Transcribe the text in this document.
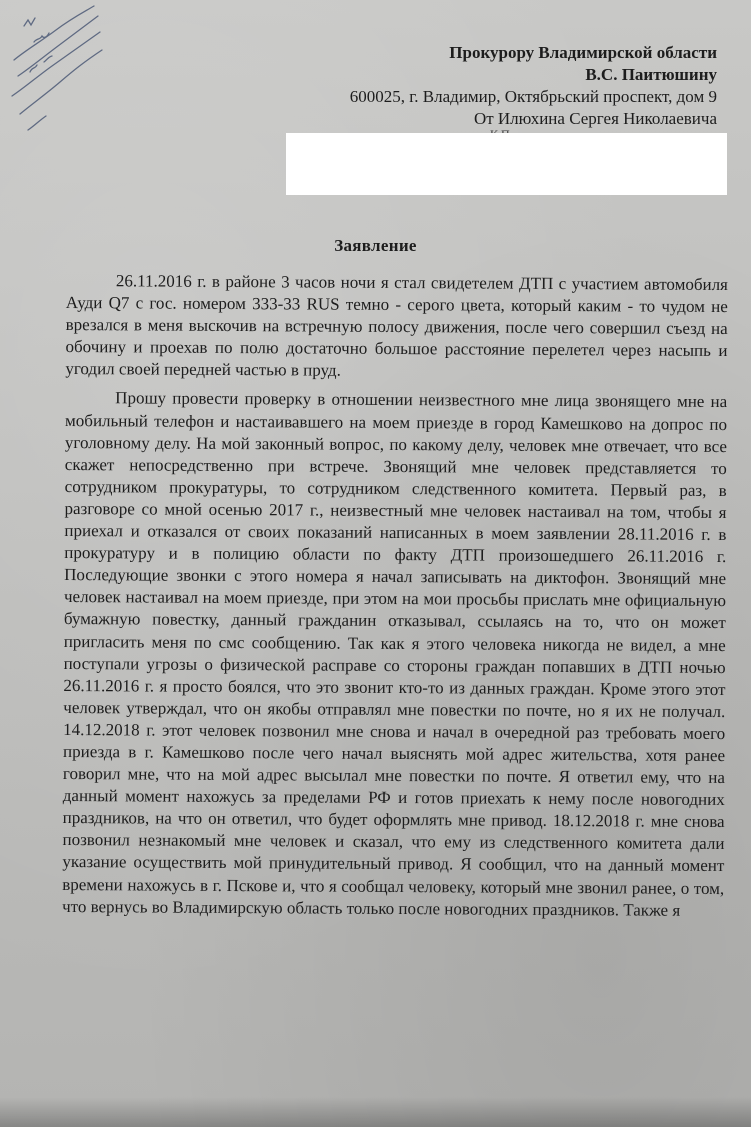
Прокурору Владимирской области
В.С. Паитюшину
600025, г. Владимир, Октябрьский проспект, дом 9
От Илюхина Сергея Николаевича
Заявление

26.11.2016 г. в районе 3 часов ночи я стал свидетелем ДТП с участием автомобиля Ауди Q7 с гос. номером 333-33 RUS темно - серого цвета, который каким - то чудом не врезался в меня выскочив на встречную полосу движения, после чего совершил съезд на обочину и проехав по полю достаточно большое расстояние перелетел через насыпь и угодил своей передней частью в пруд.

Прошу провести проверку в отношении неизвестного мне лица звонящего мне на мобильный телефон и настаивавшего на моем приезде в город Камешково на допрос по уголовному делу. На мой законный вопрос, по какому делу, человек мне отвечает, что все скажет непосредственно при встрече. Звонящий мне человек представляется то сотрудником прокуратуры, то сотрудником следственного комитета. Первый раз, в разговоре со мной осенью 2017 г., неизвестный мне человек настаивал на том, чтобы я приехал и отказался от своих показаний написанных в моем заявлении 28.11.2016 г. в прокуратуру и в полицию области по факту ДТП произошедшего 26.11.2016 г. Последующие звонки с этого номера я начал записывать на диктофон. Звонящий мне человек настаивал на моем приезде, при этом на мои просьбы прислать мне официальную бумажную повестку, данный гражданин отказывал, ссылаясь на то, что он может пригласить меня по смс сообщению. Так как я этого человека никогда не видел, а мне поступали угрозы о физической расправе со стороны граждан попавших в ДТП ночью 26.11.2016 г. я просто боялся, что это звонит кто-то из данных граждан. Кроме этого этот человек утверждал, что он якобы отправлял мне повестки по почте, но я их не получал. 14.12.2018 г. этот человек позвонил мне снова и начал в очередной раз требовать моего приезда в г. Камешково после чего начал выяснять мой адрес жительства, хотя ранее говорил мне, что на мой адрес высылал мне повестки по почте. Я ответил ему, что на данный момент нахожусь за пределами РФ и готов приехать к нему после новогодних праздников, на что он ответил, что будет оформлять мне привод. 18.12.2018 г. мне снова позвонил незнакомый мне человек и сказал, что ему из следственного комитета дали указание осуществить мой принудительный привод. Я сообщил, что на данный момент времени нахожусь в г. Пскове и, что я сообщал человеку, который мне звонил ранее, о том, что вернусь во Владимирскую область только после новогодних праздников. Также я
